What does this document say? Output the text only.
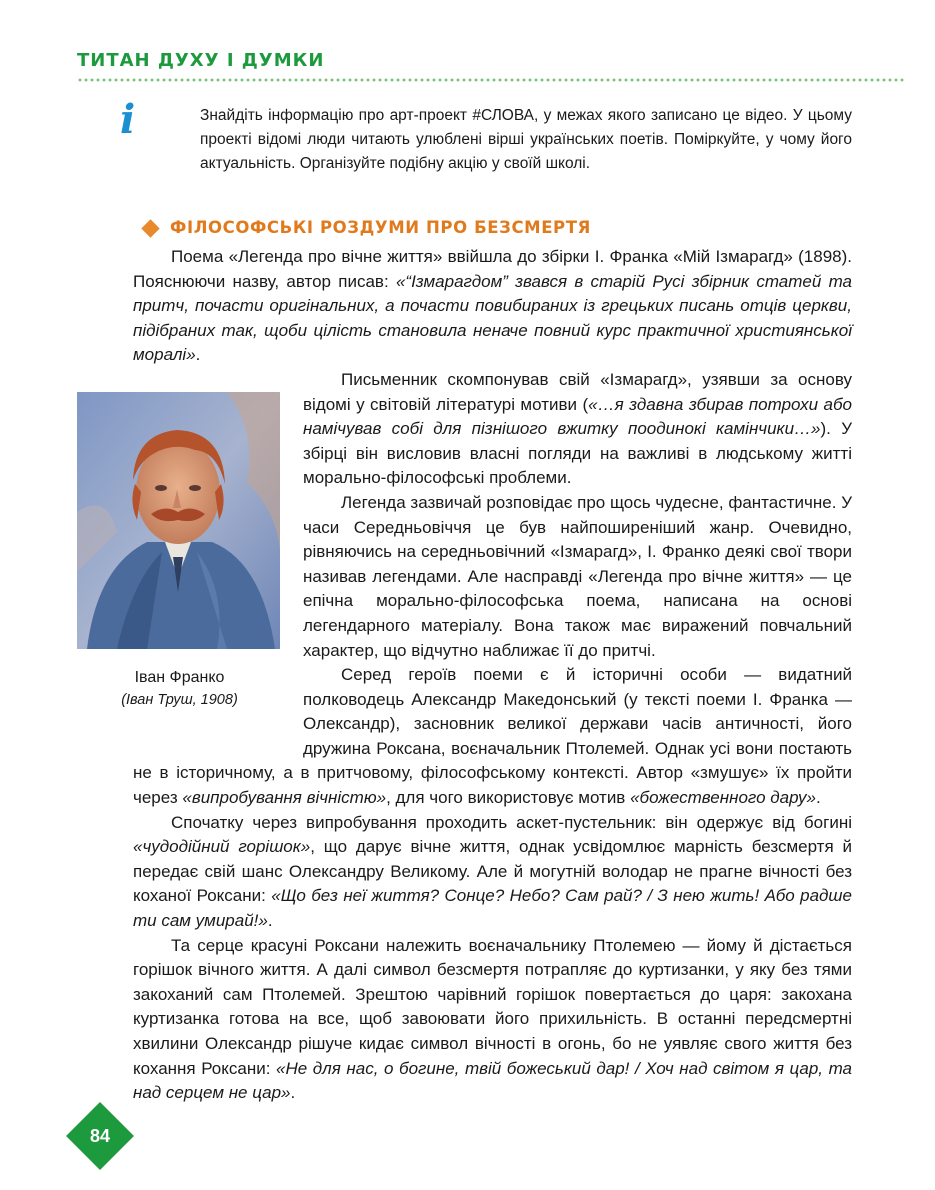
ТИТАН ДУХУ І ДУМКИ
i	Знайдіть інформацію про арт-проект #СЛОВА, у межах якого записано це відео. У цьому проекті відомі люди читають улюблені вірші українських поетів. Поміркуйте, у чому його актуальність. Організуйте подібну акцію у своїй школі.
ФІЛОСОФСЬКІ РОЗДУМИ ПРО БЕЗСМЕРТЯ

Поема «Легенда про вічне життя» ввійшла до збірки І. Франка «Мій Ізмарагд» (1898). Пояснюючи назву, автор писав: «“Ізмарагдом” звався в старій Русі збірник статей та притч, почасти оригінальних, а почасти повибираних із грецьких писань отців церкви, підібраних так, щоби цілість становила неначе повний курс практичної християнської моралі».

Письменник скомпонував свій «Ізмарагд», узявши за основу відомі у світовій літературі мотиви («…я здавна збирав потрохи або намічував собі для пізнішого вжитку поодинокі камінчики…»). У збірці він висловив власні погляди на важливі в людському житті морально-філософські проблеми.

Легенда зазвичай розповідає про щось чудесне, фантастичне. У часи Середньовіччя це був найпоширеніший жанр. Очевидно, рівняючись на середньовічний «Ізмарагд», І. Франко деякі свої твори називав легендами. Але насправді «Легенда про вічне життя» — це епічна морально-філософська поема, написана на основі легендарного матеріалу. Вона також має виражений повчальний характер, що відчутно наближає її до притчі.

Серед героїв поеми є й історичні особи — видатний полководець Александр Македонський (у тексті поеми І. Франка — Олександр), засновник великої держави часів античності, його дружина Роксана, воєначальник Птолемей. Однак усі вони постають не в історичному, а в притчовому, філософському контексті. Автор «змушує» їх пройти через «випробування вічністю», для чого використовує мотив «божественного дару».

Спочатку через випробування проходить аскет-пустельник: він одержує від богині «чудодійний горішок», що дарує вічне життя, однак усвідомлює марність безсмертя й передає свій шанс Олександру Великому. Але й могутній володар не прагне вічності без коханої Роксани: «Що без неї життя? Сонце? Небо? Сам рай? / З нею жить! Або радше ти сам умирай!».

Та серце красуні Роксани належить воєначальнику Птолемею — йому й дістається горішок вічного життя. А далі символ безсмертя потрапляє до куртизанки, у яку без тями закоханий сам Птолемей. Зрештою чарівний горішок повертається до царя: закохана куртизанка готова на все, щоб завоювати його прихильність. В останні передсмертні хвилини Олександр рішуче кидає символ вічності в огонь, бо не уявляє свого життя без кохання Роксани: «Не для нас, о богине, твій божеський дар! / Хоч над світом я цар, та над серцем не цар».

Іван Франко
(Іван Труш, 1908)
84
